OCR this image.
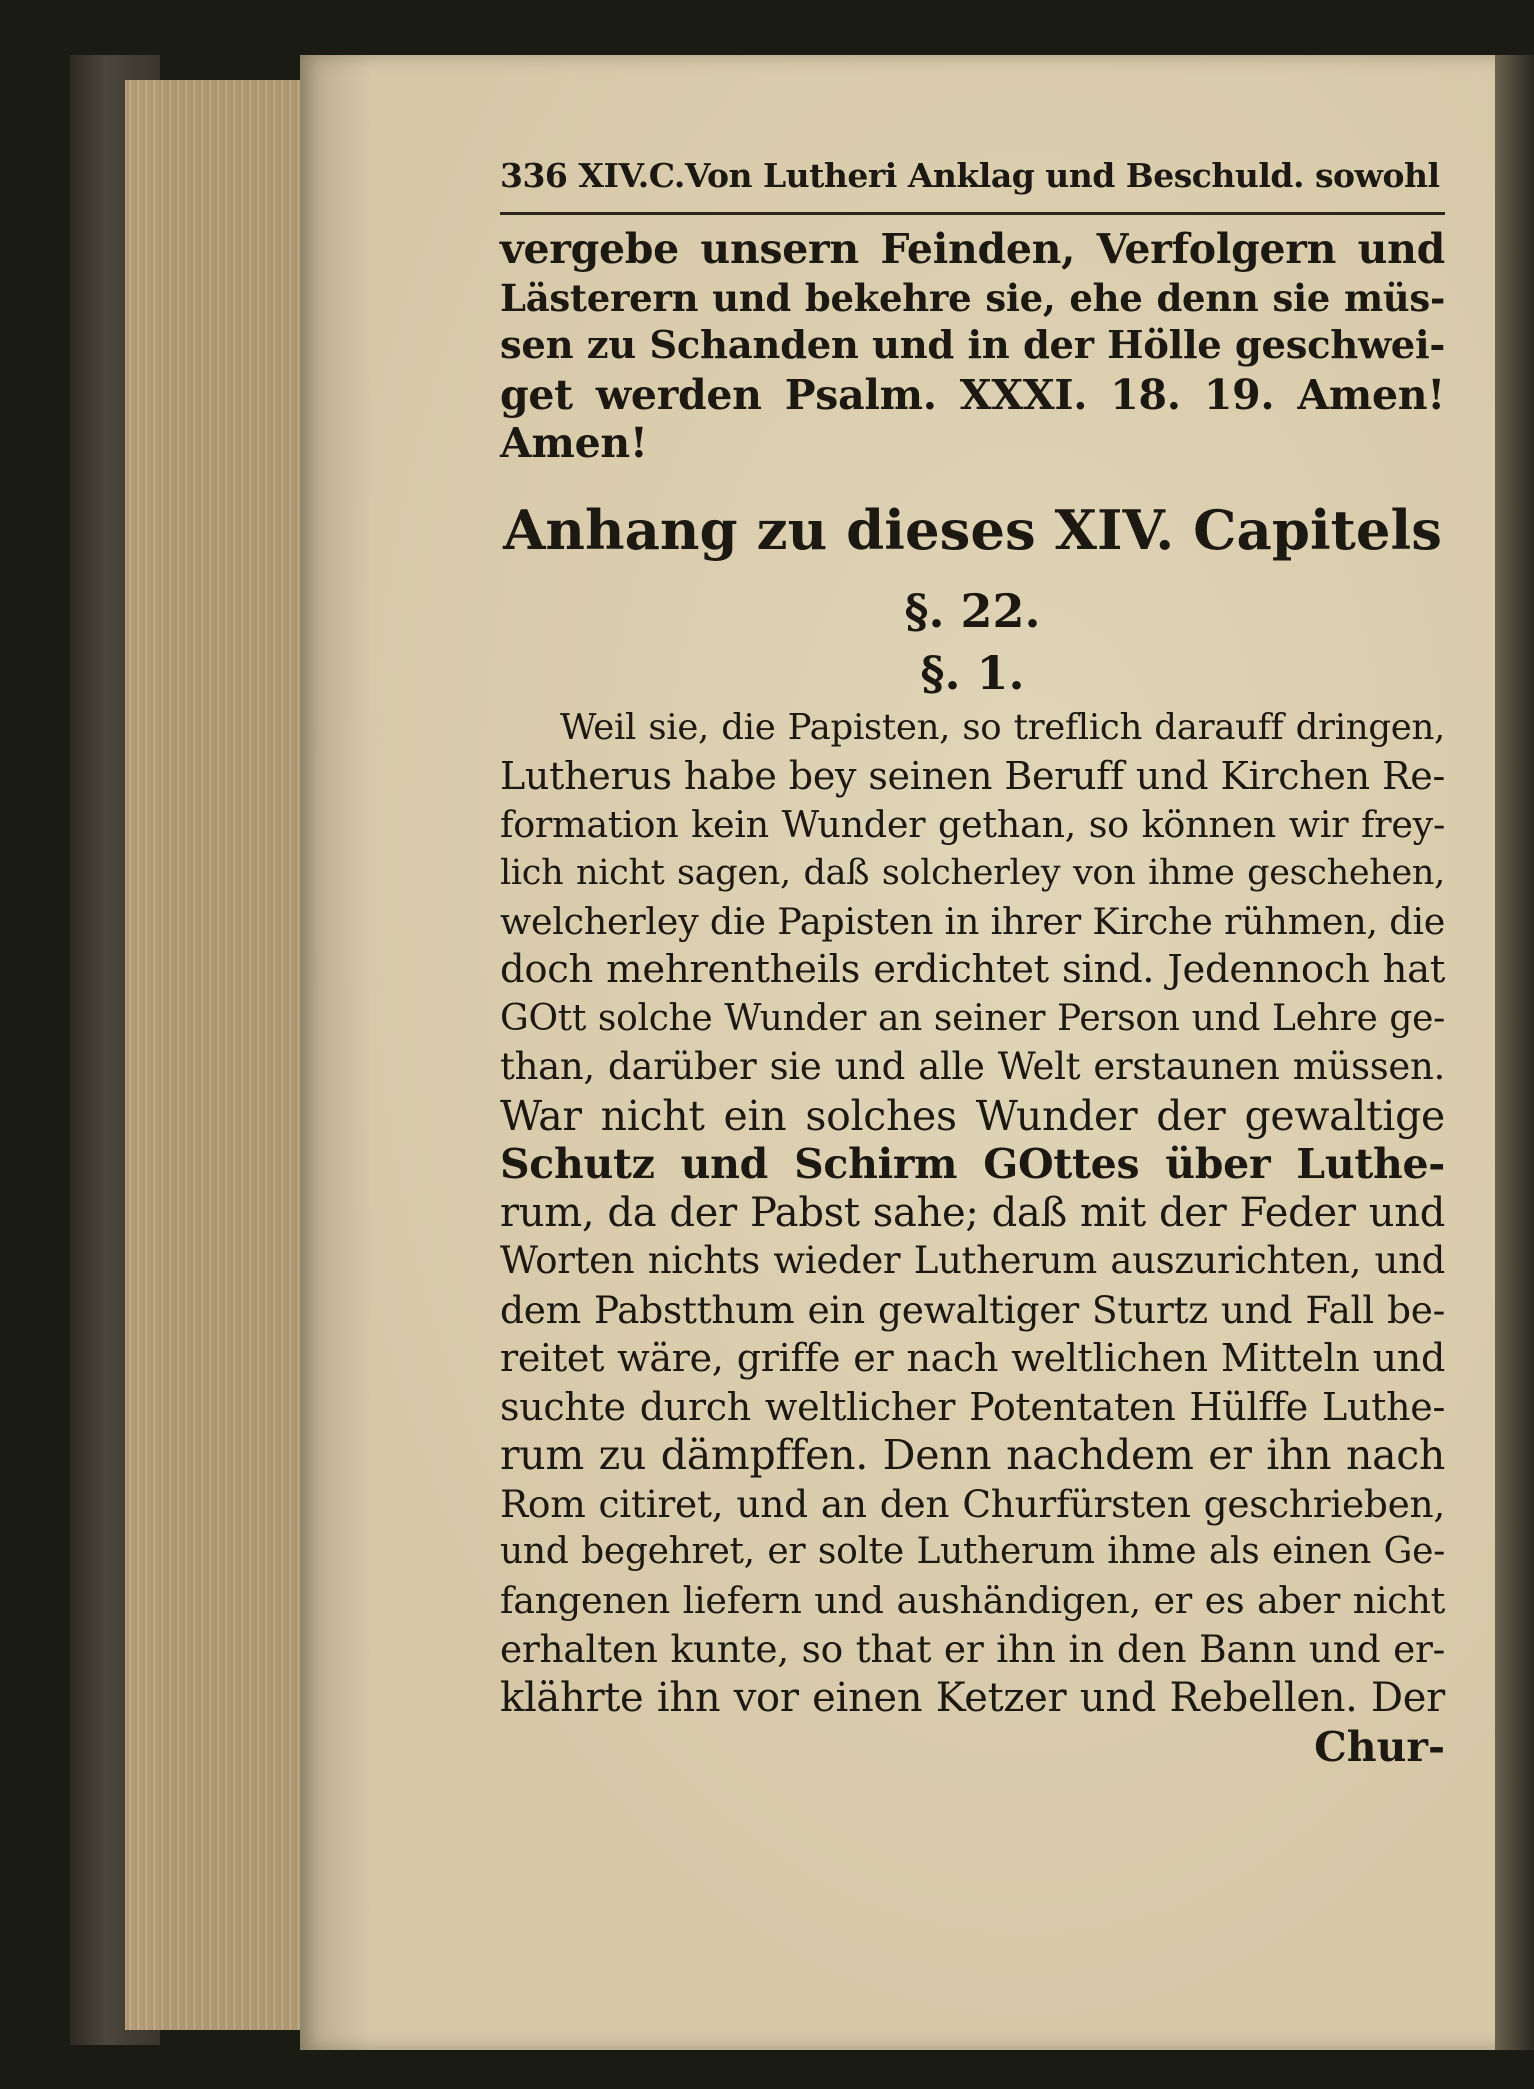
336 XIV.C.Von Lutheri Anklag und Beschuld. sowohl
vergebe unsern Feinden, Verfolgern und
Lästerern und bekehre sie, ehe denn sie müs-
sen zu Schanden und in der Hölle geschwei-
get werden Psalm. XXXI. 18. 19. Amen!
Amen!
Anhang zu dieses XIV. Capitels
§. 22.
§. 1.
Weil sie, die Papisten, so treflich darauff dringen,
Lutherus habe bey seinen Beruff und Kirchen Re-
formation kein Wunder gethan, so können wir frey-
lich nicht sagen, daß solcherley von ihme geschehen,
welcherley die Papisten in ihrer Kirche rühmen, die
doch mehrentheils erdichtet sind. Jedennoch hat
GOtt solche Wunder an seiner Person und Lehre ge-
than, darüber sie und alle Welt erstaunen müssen.
War nicht ein solches Wunder der gewaltige
Schutz und Schirm GOttes über Luthe-
rum, da der Pabst sahe; daß mit der Feder und
Worten nichts wieder Lutherum auszurichten, und
dem Pabstthum ein gewaltiger Sturtz und Fall be-
reitet wäre, griffe er nach weltlichen Mitteln und
suchte durch weltlicher Potentaten Hülffe Luthe-
rum zu dämpffen. Denn nachdem er ihn nach
Rom citiret, und an den Churfürsten geschrieben,
und begehret, er solte Lutherum ihme als einen Ge-
fangenen liefern und aushändigen, er es aber nicht
erhalten kunte, so that er ihn in den Bann und er-
klährte ihn vor einen Ketzer und Rebellen. Der
Chur-
